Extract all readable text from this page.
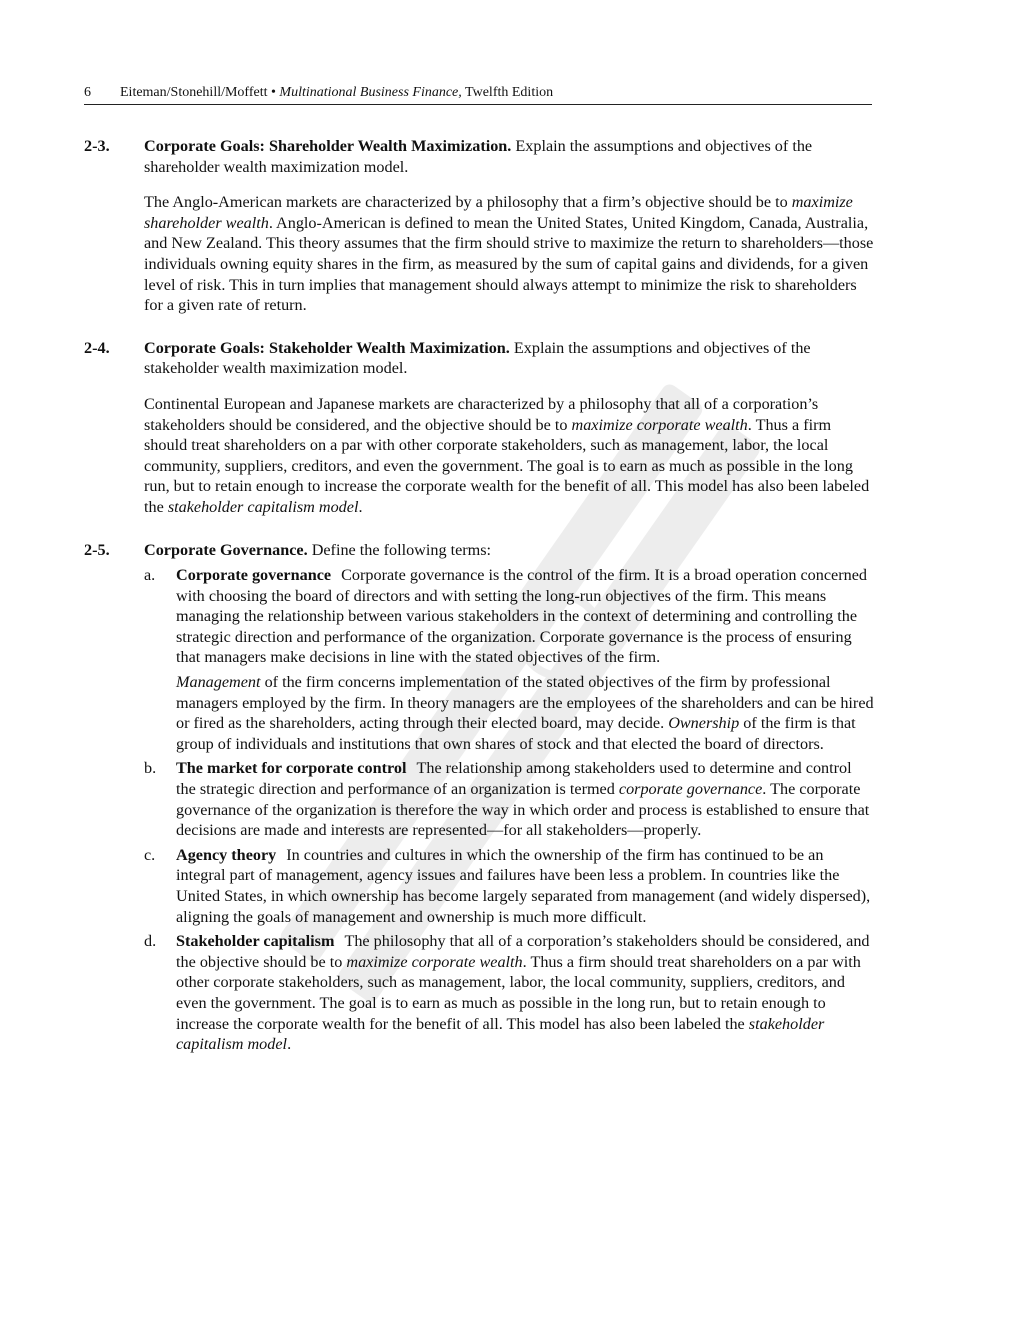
6 Eiteman/Stonehill/Moffett • Multinational Business Finance, Twelfth Edition
2-3. Corporate Goals: Shareholder Wealth Maximization. Explain the assumptions and objectives of the shareholder wealth maximization model.

The Anglo-American markets are characterized by a philosophy that a firm’s objective should be to maximize shareholder wealth. Anglo-American is defined to mean the United States, United Kingdom, Canada, Australia, and New Zealand. This theory assumes that the firm should strive to maximize the return to shareholders—those individuals owning equity shares in the firm, as measured by the sum of capital gains and dividends, for a given level of risk. This in turn implies that management should always attempt to minimize the risk to shareholders for a given rate of return.

2-4. Corporate Goals: Stakeholder Wealth Maximization. Explain the assumptions and objectives of the stakeholder wealth maximization model.

Continental European and Japanese markets are characterized by a philosophy that all of a corporation’s stakeholders should be considered, and the objective should be to maximize corporate wealth. Thus a firm should treat shareholders on a par with other corporate stakeholders, such as management, labor, the local community, suppliers, creditors, and even the government. The goal is to earn as much as possible in the long run, but to retain enough to increase the corporate wealth for the benefit of all. This model has also been labeled the stakeholder capitalism model.

2-5. Corporate Governance. Define the following terms:

a. Corporate governance Corporate governance is the control of the firm. It is a broad operation concerned with choosing the board of directors and with setting the long-run objectives of the firm. This means managing the relationship between various stakeholders in the context of determining and controlling the strategic direction and performance of the organization. Corporate governance is the process of ensuring that managers make decisions in line with the stated objectives of the firm.

Management of the firm concerns implementation of the stated objectives of the firm by professional managers employed by the firm. In theory managers are the employees of the shareholders and can be hired or fired as the shareholders, acting through their elected board, may decide. Ownership of the firm is that group of individuals and institutions that own shares of stock and that elected the board of directors.

b. The market for corporate control The relationship among stakeholders used to determine and control the strategic direction and performance of an organization is termed corporate governance. The corporate governance of the organization is therefore the way in which order and process is established to ensure that decisions are made and interests are represented—for all stakeholders—properly.

c. Agency theory In countries and cultures in which the ownership of the firm has continued to be an integral part of management, agency issues and failures have been less a problem. In countries like the United States, in which ownership has become largely separated from management (and widely dispersed), aligning the goals of management and ownership is much more difficult.

d. Stakeholder capitalism The philosophy that all of a corporation’s stakeholders should be considered, and the objective should be to maximize corporate wealth. Thus a firm should treat shareholders on a par with other corporate stakeholders, such as management, labor, the local community, suppliers, creditors, and even the government. The goal is to earn as much as possible in the long run, but to retain enough to increase the corporate wealth for the benefit of all. This model has also been labeled the stakeholder capitalism model.
